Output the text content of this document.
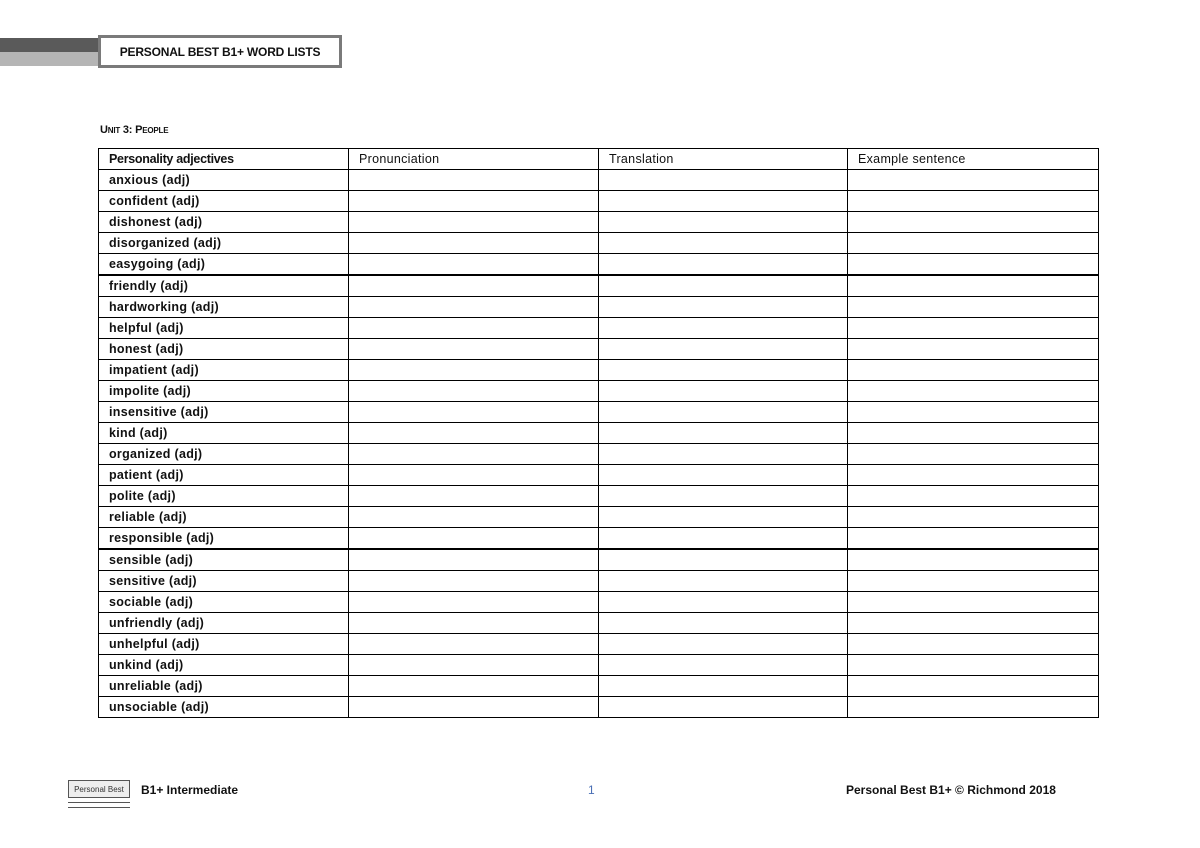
PERSONAL BEST B1+ WORD LISTS
Unit 3: People
Personality adjectives	Pronunciation	Translation	Example sentence
anxious (adj)			
confident (adj)			
dishonest (adj)			
disorganized (adj)			
easygoing (adj)			
friendly (adj)			
hardworking (adj)			
helpful (adj)			
honest (adj)			
impatient (adj)			
impolite (adj)			
insensitive (adj)			
kind (adj)			
organized (adj)			
patient (adj)			
polite (adj)			
reliable (adj)			
responsible (adj)			
sensible (adj)			
sensitive (adj)			
sociable (adj)			
unfriendly (adj)			
unhelpful (adj)			
unkind (adj)			
unreliable (adj)			
unsociable (adj)			
Personal Best	B1+ Intermediate	1	Personal Best B1+ © Richmond 2018
